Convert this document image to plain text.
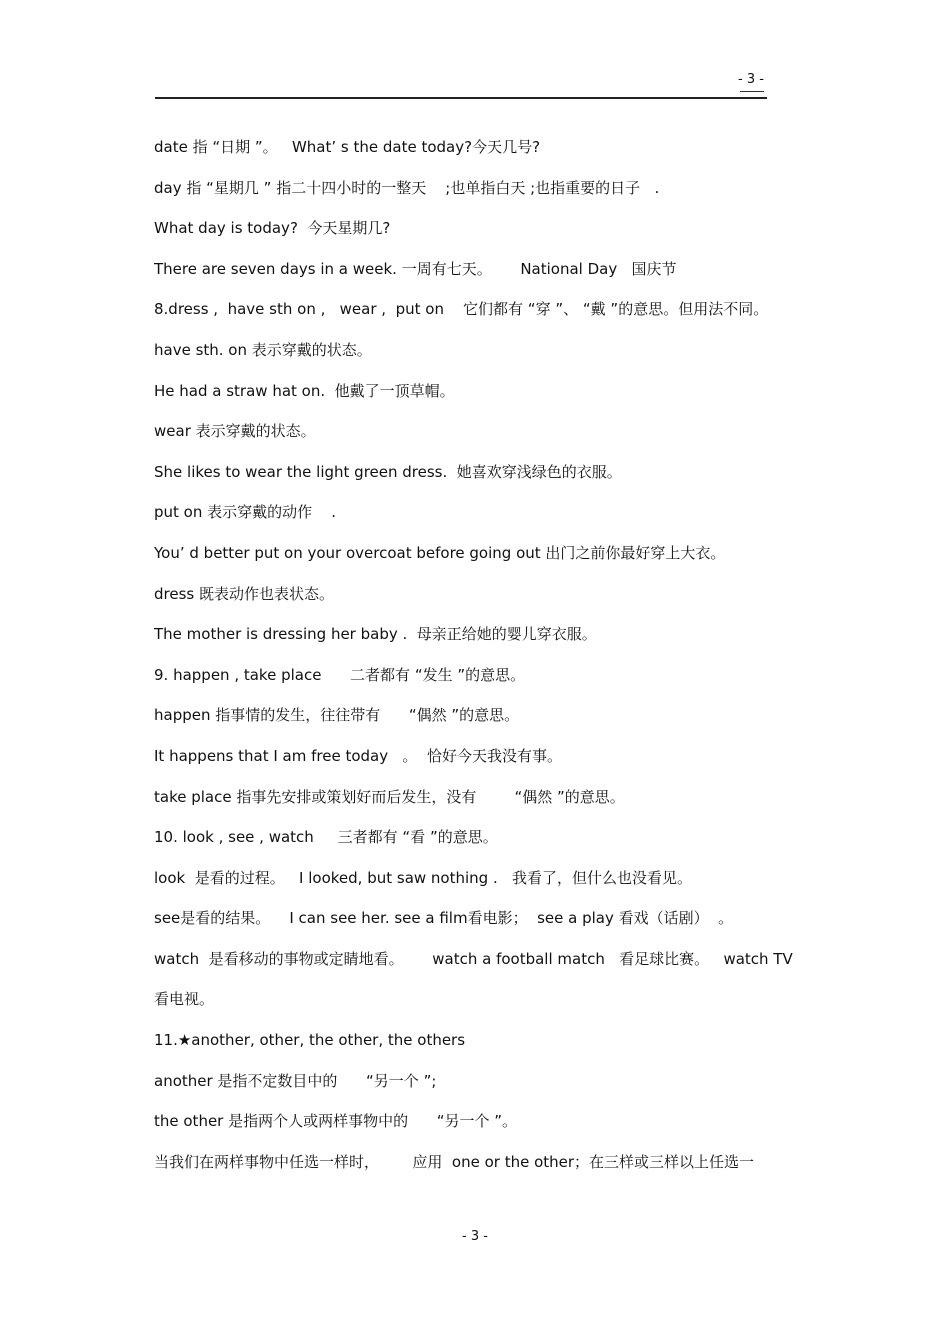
- 3 -
date 指 “日期 ”。   What’ s the date today?今天几号?
day 指 “星期几 ” 指二十四小时的一整天    ;也单指白天 ;也指重要的日子   .
What day is today?  今天星期几?
There are seven days in a week. 一周有七天。      National Day   国庆节
8.dress ,  have sth on ,   wear ,  put on    它们都有 “穿 ”、 “戴 ”的意思。但用法不同。
have sth. on 表示穿戴的状态。
He had a straw hat on.  他戴了一顶草帽。
wear 表示穿戴的状态。
She likes to wear the light green dress.  她喜欢穿浅绿色的衣服。
put on 表示穿戴的动作    .
You’ d better put on your overcoat before going out 出门之前你最好穿上大衣。
dress 既表动作也表状态。
The mother is dressing her baby .  母亲正给她的婴儿穿衣服。
9. happen , take place      二者都有 “发生 ”的意思。
happen 指事情的发生，往往带有      “偶然 ”的意思。
It happens that I am free today   。  恰好今天我没有事。
take place 指事先安排或策划好而后发生，没有        “偶然 ”的意思。
10. look , see , watch     三者都有 “看 ”的意思。
look  是看的过程。   I looked, but saw nothing .   我看了，但什么也没看见。
see是看的结果。    I can see her. see a film看电影；  see a play 看戏（话剧）  。
watch  是看移动的事物或定睛地看。      watch a football match   看足球比赛。   watch TV
看电视。
11.★another, other, the other, the others
another 是指不定数目中的      “另一个 ”;
the other 是指两个人或两样事物中的      “另一个 ”。
当我们在两样事物中任选一样时，       应用  one or the other；在三样或三样以上任选一
- 3 -
